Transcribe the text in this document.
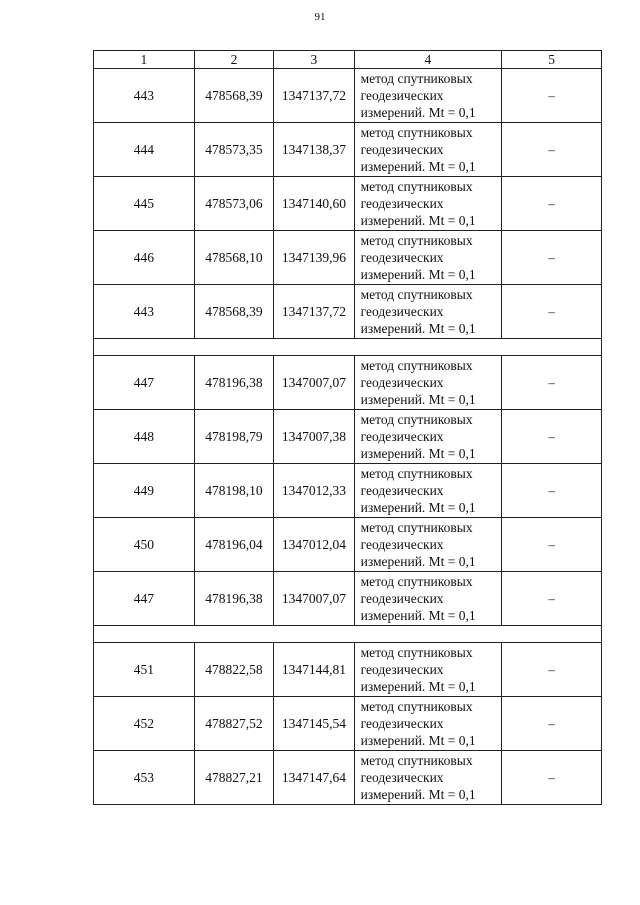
91
1	2	3	4	5
443	478568,39	1347137,72	метод спутниковых
геодезических
измерений. Mt = 0,1	–
444	478573,35	1347138,37	метод спутниковых
геодезических
измерений. Mt = 0,1	–
445	478573,06	1347140,60	метод спутниковых
геодезических
измерений. Mt = 0,1	–
446	478568,10	1347139,96	метод спутниковых
геодезических
измерений. Mt = 0,1	–
443	478568,39	1347137,72	метод спутниковых
геодезических
измерений. Mt = 0,1	–

447	478196,38	1347007,07	метод спутниковых
геодезических
измерений. Mt = 0,1	–
448	478198,79	1347007,38	метод спутниковых
геодезических
измерений. Mt = 0,1	–
449	478198,10	1347012,33	метод спутниковых
геодезических
измерений. Mt = 0,1	–
450	478196,04	1347012,04	метод спутниковых
геодезических
измерений. Mt = 0,1	–
447	478196,38	1347007,07	метод спутниковых
геодезических
измерений. Mt = 0,1	–

451	478822,58	1347144,81	метод спутниковых
геодезических
измерений. Mt = 0,1	–
452	478827,52	1347145,54	метод спутниковых
геодезических
измерений. Mt = 0,1	–
453	478827,21	1347147,64	метод спутниковых
геодезических
измерений. Mt = 0,1	–
